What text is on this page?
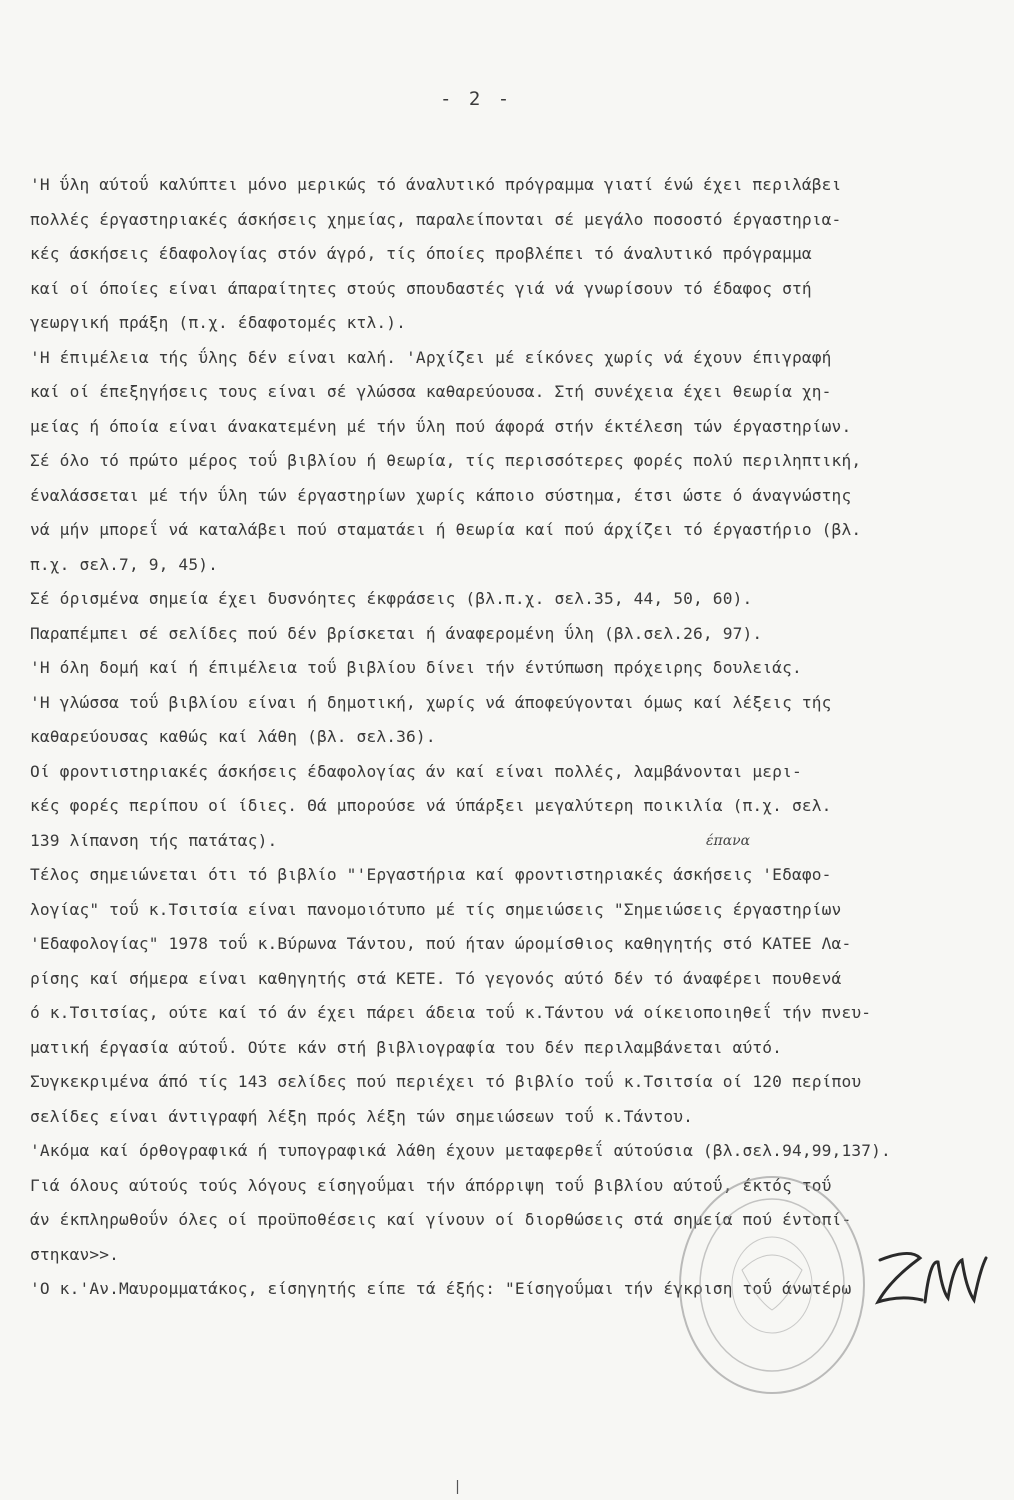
- 2 -
'Η ΰλη αύτοΰ καλύπτει μόνο μερικώς τό άναλυτικό πρόγραμμα γιατί ένώ έχει περιλάβει
πολλές έργαστηριακές άσκήσεις χημείας, παραλείπονται σέ μεγάλο ποσοστό έργαστηρια-
κές άσκήσεις έδαφολογίας στόν άγρό, τίς όποίες προβλέπει τό άναλυτικό πρόγραμμα
καί οί όποίες είναι άπαραίτητες στούς σπουδαστές γιά νά γνωρίσουν τό έδαφος στή
γεωργική πράξη (π.χ. έδαφοτομές κτλ.).
'Η έπιμέλεια τής ΰλης δέν είναι καλή. 'Αρχίζει μέ είκόνες χωρίς νά έχουν έπιγραφή
καί οί έπεξηγήσεις τους είναι σέ γλώσσα καθαρεύουσα. Στή συνέχεια έχει θεωρία χη-
μείας ή όποία είναι άνακατεμένη μέ τήν ΰλη πού άφορά στήν έκτέλεση τών έργαστηρίων.
Σέ όλο τό πρώτο μέρος τοΰ βιβλίου ή θεωρία, τίς περισσότερες φορές πολύ περιληπτική,
έναλάσσεται μέ τήν ΰλη τών έργαστηρίων χωρίς κάποιο σύστημα, έτσι ώστε ό άναγνώστης
νά μήν μπορεΐ νά καταλάβει πού σταματάει ή θεωρία καί πού άρχίζει τό έργαστήριο (βλ.
π.χ. σελ.7, 9, 45).
Σέ όρισμένα σημεία έχει δυσνόητες έκφράσεις (βλ.π.χ. σελ.35, 44, 50, 60).
Παραπέμπει σέ σελίδες πού δέν βρίσκεται ή άναφερομένη ΰλη (βλ.σελ.26, 97).
'Η όλη δομή καί ή έπιμέλεια τοΰ βιβλίου δίνει τήν έντύπωση πρόχειρης δουλειάς.
'Η γλώσσα τοΰ βιβλίου είναι ή δημοτική, χωρίς νά άποφεύγονται όμως καί λέξεις τής
καθαρεύουσας καθώς καί λάθη (βλ. σελ.36).
Οί φροντιστηριακές άσκήσεις έδαφολογίας άν καί είναι πολλές, λαμβάνονται μερι-
κές φορές περίπου οί ίδιες. Θά μπορούσε νά ύπάρξει μεγαλύτερη ποικιλία (π.χ. σελ.
139 λίπανση τής πατάτας).
Τέλος σημειώνεται ότι τό βιβλίο "'Εργαστήρια καί φροντιστηριακές άσκήσεις 'Εδαφο-
λογίας" τοΰ κ.Τσιτσία είναι πανομοιότυπο μέ τίς σημειώσεις "Σημειώσεις έργαστηρίων
'Εδαφολογίας" 1978 τοΰ κ.Βύρωνα Τάντου, πού ήταν ώρομίσθιος καθηγητής στό ΚΑΤΕΕ Λα-
ρίσης καί σήμερα είναι καθηγητής στά ΚΕΤΕ. Τό γεγονός αύτό δέν τό άναφέρει πουθενά
ό κ.Τσιτσίας, ούτε καί τό άν έχει πάρει άδεια τοΰ κ.Τάντου νά οίκειοποιηθεΐ τήν πνευ-
ματική έργασία αύτοΰ. Ούτε κάν στή βιβλιογραφία του δέν περιλαμβάνεται αύτό.
Συγκεκριμένα άπό τίς 143 σελίδες πού περιέχει τό βιβλίο τοΰ κ.Τσιτσία οί 120 περίπου
σελίδες είναι άντιγραφή λέξη πρός λέξη τών σημειώσεων τοΰ κ.Τάντου.
'Ακόμα καί όρθογραφικά ή τυπογραφικά λάθη έχουν μεταφερθεΐ αύτούσια (βλ.σελ.94,99,137).
Γιά όλους αύτούς τούς λόγους είσηγοΰμαι τήν άπόρριψη τοΰ βιβλίου αύτοΰ, έκτός τοΰ
άν έκπληρωθοΰν όλες οί προϋποθέσεις καί γίνουν οί διορθώσεις στά σημεία πού έντοπί-
στηκαν>>.
'Ο κ.'Αν.Μαυρομματάκος, είσηγητής είπε τά έξής: "Είσηγοΰμαι τήν έγκριση τοΰ άνωτέρω
έπανα
